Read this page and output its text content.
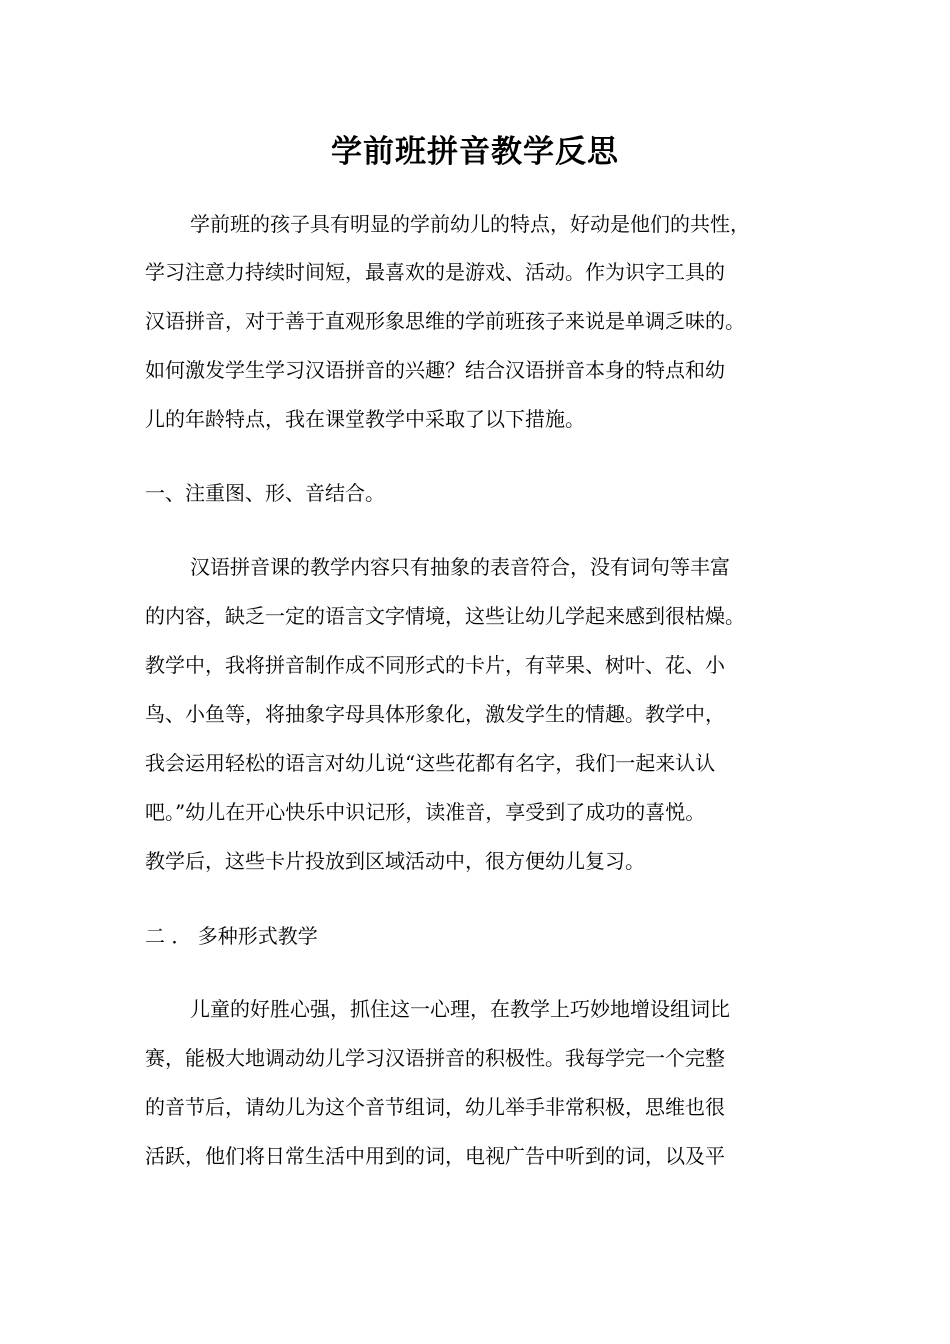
学前班拼音教学反思
学前班的孩子具有明显的学前幼儿的特点，好动是他们的共性，
学习注意力持续时间短，最喜欢的是游戏、活动。作为识字工具的
汉语拼音，对于善于直观形象思维的学前班孩子来说是单调乏味的。
如何激发学生学习汉语拼音的兴趣？结合汉语拼音本身的特点和幼
儿的年龄特点，我在课堂教学中采取了以下措施。
一、注重图、形、音结合。
汉语拼音课的教学内容只有抽象的表音符合，没有词句等丰富
的内容，缺乏一定的语言文字情境，这些让幼儿学起来感到很枯燥。
教学中，我将拼音制作成不同形式的卡片，有苹果、树叶、花、小
鸟、小鱼等，将抽象字母具体形象化，激发学生的情趣。教学中，
我会运用轻松的语言对幼儿说“这些花都有名字，我们一起来认认
吧。”幼儿在开心快乐中识记形，读准音，享受到了成功的喜悦。
教学后，这些卡片投放到区域活动中，很方便幼儿复习。
二 ． 多种形式教学
儿童的好胜心强，抓住这一心理，在教学上巧妙地增设组词比
赛，能极大地调动幼儿学习汉语拼音的积极性。我每学完一个完整
的音节后，请幼儿为这个音节组词，幼儿举手非常积极，思维也很
活跃，他们将日常生活中用到的词，电视广告中听到的词，以及平
